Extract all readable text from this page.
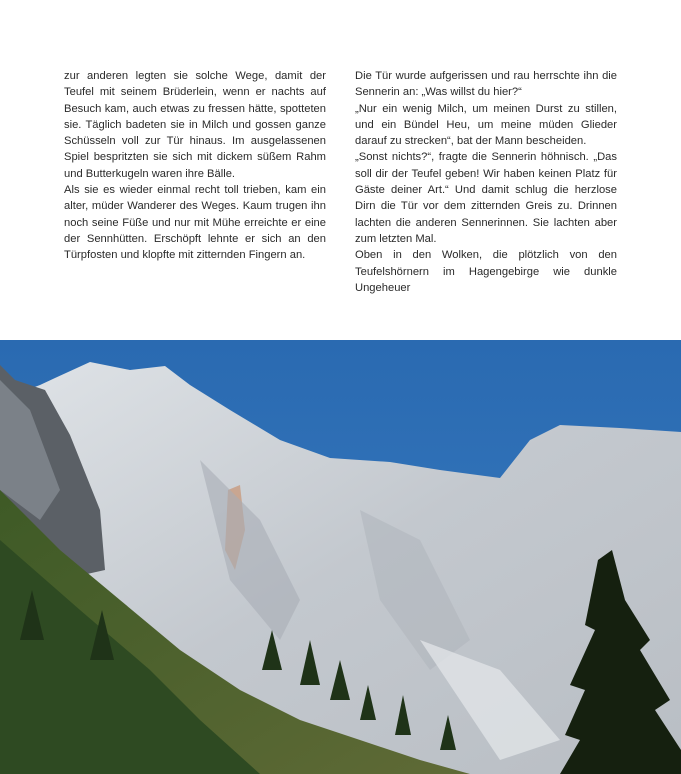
zur anderen legten sie solche Wege, damit der Teufel mit seinem Brüderlein, wenn er nachts auf Besuch kam, auch etwas zu fressen hätte, spotteten sie. Täglich badeten sie in Milch und gossen ganze Schüsseln voll zur Tür hinaus. Im ausgelassenen Spiel bespritzten sie sich mit dickem süßem Rahm und Butterkugeln waren ihre Bälle.

Als sie es wieder einmal recht toll trieben, kam ein alter, müder Wanderer des Weges. Kaum trugen ihn noch seine Füße und nur mit Mühe erreichte er eine der Sennhütten. Erschöpft lehnte er sich an den Türpfosten und klopfte mit zitternden Fingern an.

Die Tür wurde aufgerissen und rau herrschte ihn die Sennerin an: „Was willst du hier?“

„Nur ein wenig Milch, um meinen Durst zu stillen, und ein Bündel Heu, um meine müden Glieder darauf zu strecken“, bat der Mann bescheiden.

„Sonst nichts?“, fragte die Sennerin höhnisch. „Das soll dir der Teufel geben! Wir haben keinen Platz für Gäste deiner Art.“ Und damit schlug die herzlose Dirn die Tür vor dem zitternden Greis zu. Drinnen lachten die anderen Sennerinnen. Sie lachten aber zum letzten Mal.

Oben in den Wolken, die plötzlich von den Teufelshörnern im Hagengebirge wie dunkle Ungeheuer
